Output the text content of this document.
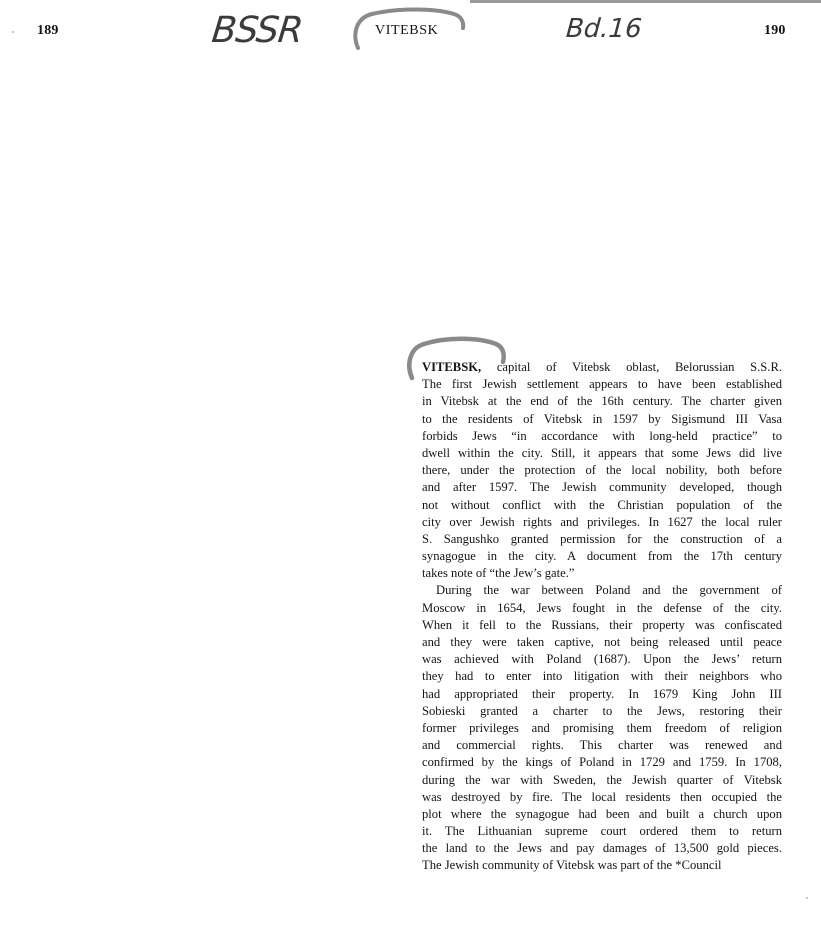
189	BSSR	VITEBSK	Bd.16	190
VITEBSK, capital of Vitebsk oblast, Belorussian S.S.R.
The first Jewish settlement appears to have been established
in Vitebsk at the end of the 16th century. The charter given
to the residents of Vitebsk in 1597 by Sigismund III Vasa
forbids Jews “in accordance with long-held practice” to
dwell within the city. Still, it appears that some Jews did live
there, under the protection of the local nobility, both before
and after 1597. The Jewish community developed, though
not without conflict with the Christian population of the
city over Jewish rights and privileges. In 1627 the local ruler
S. Sangushko granted permission for the construction of a
synagogue in the city. A document from the 17th century
takes note of “the Jew’s gate.”
During the war between Poland and the government of
Moscow in 1654, Jews fought in the defense of the city.
When it fell to the Russians, their property was confiscated
and they were taken captive, not being released until peace
was achieved with Poland (1687). Upon the Jews’ return
they had to enter into litigation with their neighbors who
had appropriated their property. In 1679 King John III
Sobieski granted a charter to the Jews, restoring their
former privileges and promising them freedom of religion
and commercial rights. This charter was renewed and
confirmed by the kings of Poland in 1729 and 1759. In 1708,
during the war with Sweden, the Jewish quarter of Vitebsk
was destroyed by fire. The local residents then occupied the
plot where the synagogue had been and built a church upon
it. The Lithuanian supreme court ordered them to return
the land to the Jews and pay damages of 13,500 gold pieces.
The Jewish community of Vitebsk was part of the *Council
